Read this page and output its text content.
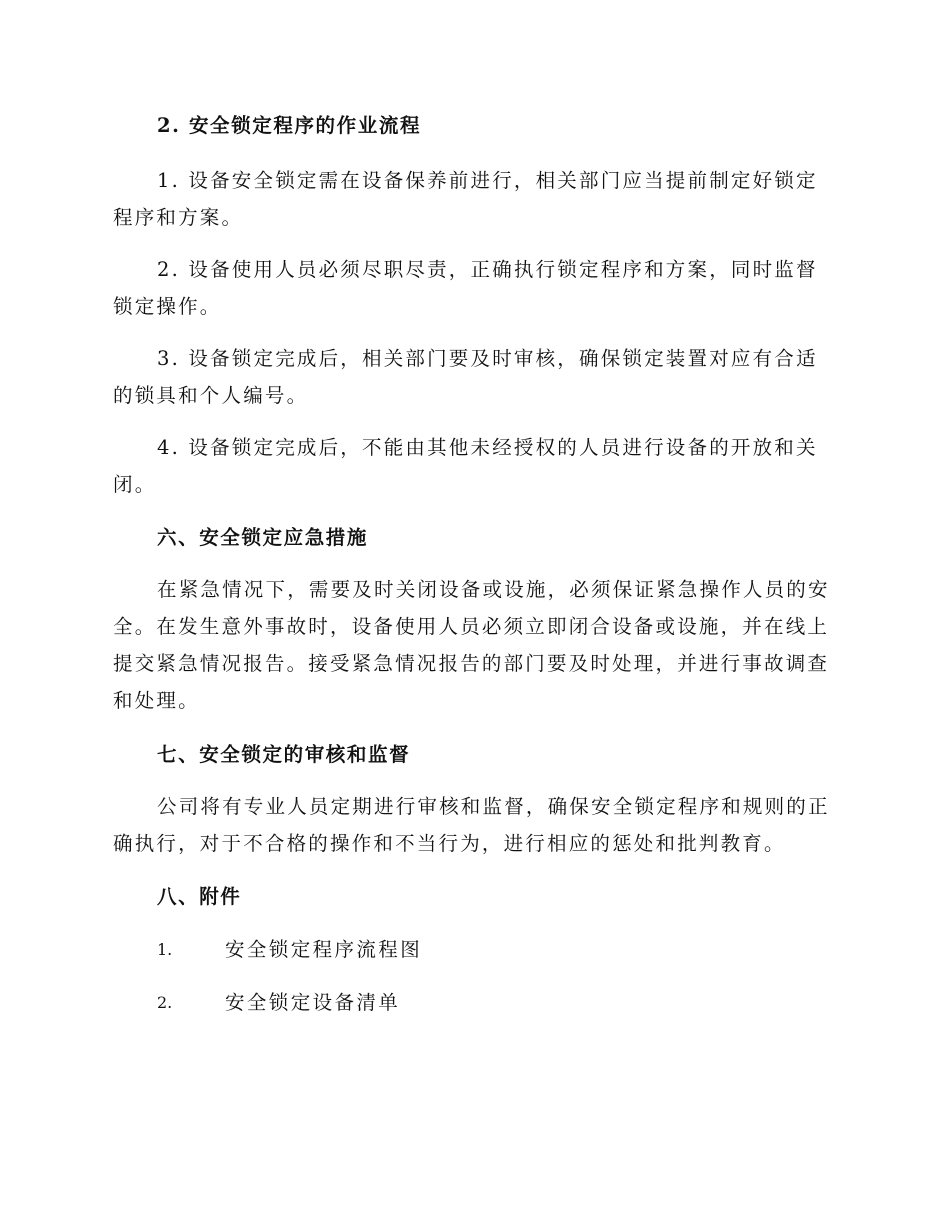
2. 安全锁定程序的作业流程

1. 设备安全锁定需在设备保养前进行，相关部门应当提前制定好锁定程序和方案。

2. 设备使用人员必须尽职尽责，正确执行锁定程序和方案，同时监督锁定操作。

3. 设备锁定完成后，相关部门要及时审核，确保锁定装置对应有合适的锁具和个人编号。

4. 设备锁定完成后，不能由其他未经授权的人员进行设备的开放和关闭。

六、安全锁定应急措施

在紧急情况下，需要及时关闭设备或设施，必须保证紧急操作人员的安全。在发生意外事故时，设备使用人员必须立即闭合设备或设施，并在线上提交紧急情况报告。接受紧急情况报告的部门要及时处理，并进行事故调查和处理。

七、安全锁定的审核和监督

公司将有专业人员定期进行审核和监督，确保安全锁定程序和规则的正确执行，对于不合格的操作和不当行为，进行相应的惩处和批判教育。

八、附件
1.	安全锁定程序流程图
2.	安全锁定设备清单
